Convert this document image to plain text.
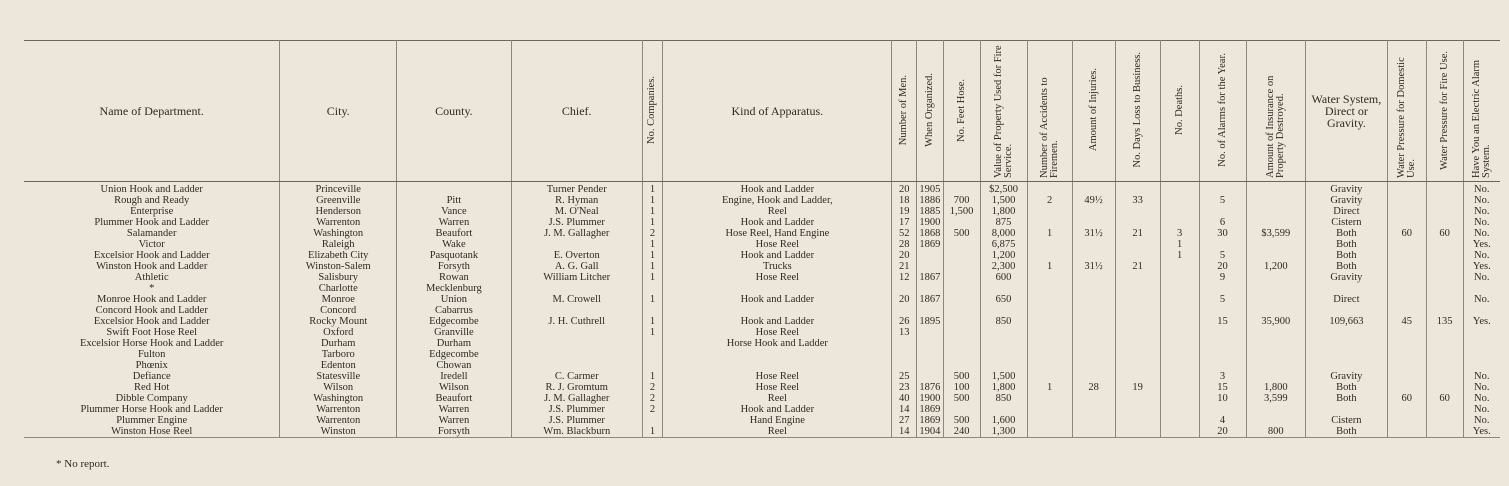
Name of Department.	City.	County.	Chief.	No. Companies.	Kind of Apparatus.	Number of Men.	When Organized.	No. Feet Hose.	Value of Property Used for Fire Service.	Number of Accidents to Firemen.	Amount of Injuries.	No. Days Loss to Business.	No. Deaths.	No. of Alarms for the Year.	Amount of Insurance on Property Destroyed.	Water System, Direct or Gravity.	Water Pressure for Domestic Use.	Water Pressure for Fire Use.	Have You an Electric Alarm System.
Union Hook and Ladder	Princeville		Turner Pender	1	Hook and Ladder	20	1905		$2,500							Gravity			No.
Rough and Ready	Greenville	Pitt	R. Hyman	1	Engine, Hook and Ladder,	18	1886	700	1,500	2	49½	33		5		Gravity			No.
Enterprise	Henderson	Vance	M. O'Neal	1	Reel	19	1885	1,500	1,800							Direct			No.
Plummer Hook and Ladder	Warrenton	Warren	J.S. Plummer	1	Hook and Ladder	17	1900		875					6		Cistern			No.
Salamander	Washington	Beaufort	J. M. Gallagher	2	Hose Reel, Hand Engine	52	1868	500	8,000	1	31½	21	3	30	$3,599	Both	60	60	No.
Victor	Raleigh	Wake		1	Hose Reel	28	1869		6,875				1			Both			Yes.
Excelsior Hook and Ladder	Elizabeth City	Pasquotank	E. Overton	1	Hook and Ladder	20			1,200				1	5		Both			No.
Winston Hook and Ladder	Winston-Salem	Forsyth	A. G. Gall	1	Trucks	21			2,300	1	31½	21		20	1,200	Both			Yes.
Athletic	Salisbury	Rowan	William Litcher	1	Hose Reel	12	1867		600					9		Gravity			No.
*	Charlotte	Mecklenburg																	
Monroe Hook and Ladder	Monroe	Union	M. Crowell	1	Hook and Ladder	20	1867		650					5		Direct			No.
Concord Hook and Ladder	Concord	Cabarrus																	
Excelsior Hook and Ladder	Rocky Mount	Edgecombe	J. H. Cuthrell	1	Hook and Ladder	26	1895		850					15	35,900	109,663	45	135	Yes.
Swift Foot Hose Reel	Oxford	Granville		1	Hose Reel	13													
Excelsior Horse Hook and Ladder	Durham	Durham			Horse Hook and Ladder														
Fulton	Tarboro	Edgecombe																	
Phœnix	Edenton	Chowan																	
Defiance	Statesville	Iredell	C. Carmer	1	Hose Reel	25		500	1,500					3		Gravity			No.
Red Hot	Wilson	Wilson	R. J. Gromtum	2	Hose Reel	23	1876	100	1,800	1	28	19		15	1,800	Both			No.
Dibble Company	Washington	Beaufort	J. M. Gallagher	2	Reel	40	1900	500	850					10	3,599	Both	60	60	No.
Plummer Horse Hook and Ladder	Warrenton	Warren	J.S. Plummer	2	Hook and Ladder	14	1869												No.
Plummer Engine	Warrenton	Warren	J.S. Plummer		Hand Engine	27	1869	500	1,600					4		Cistern			No.
Winston Hose Reel	Winston	Forsyth	Wm. Blackburn	1	Reel	14	1904	240	1,300					20	800	Both			Yes.
* No report.
